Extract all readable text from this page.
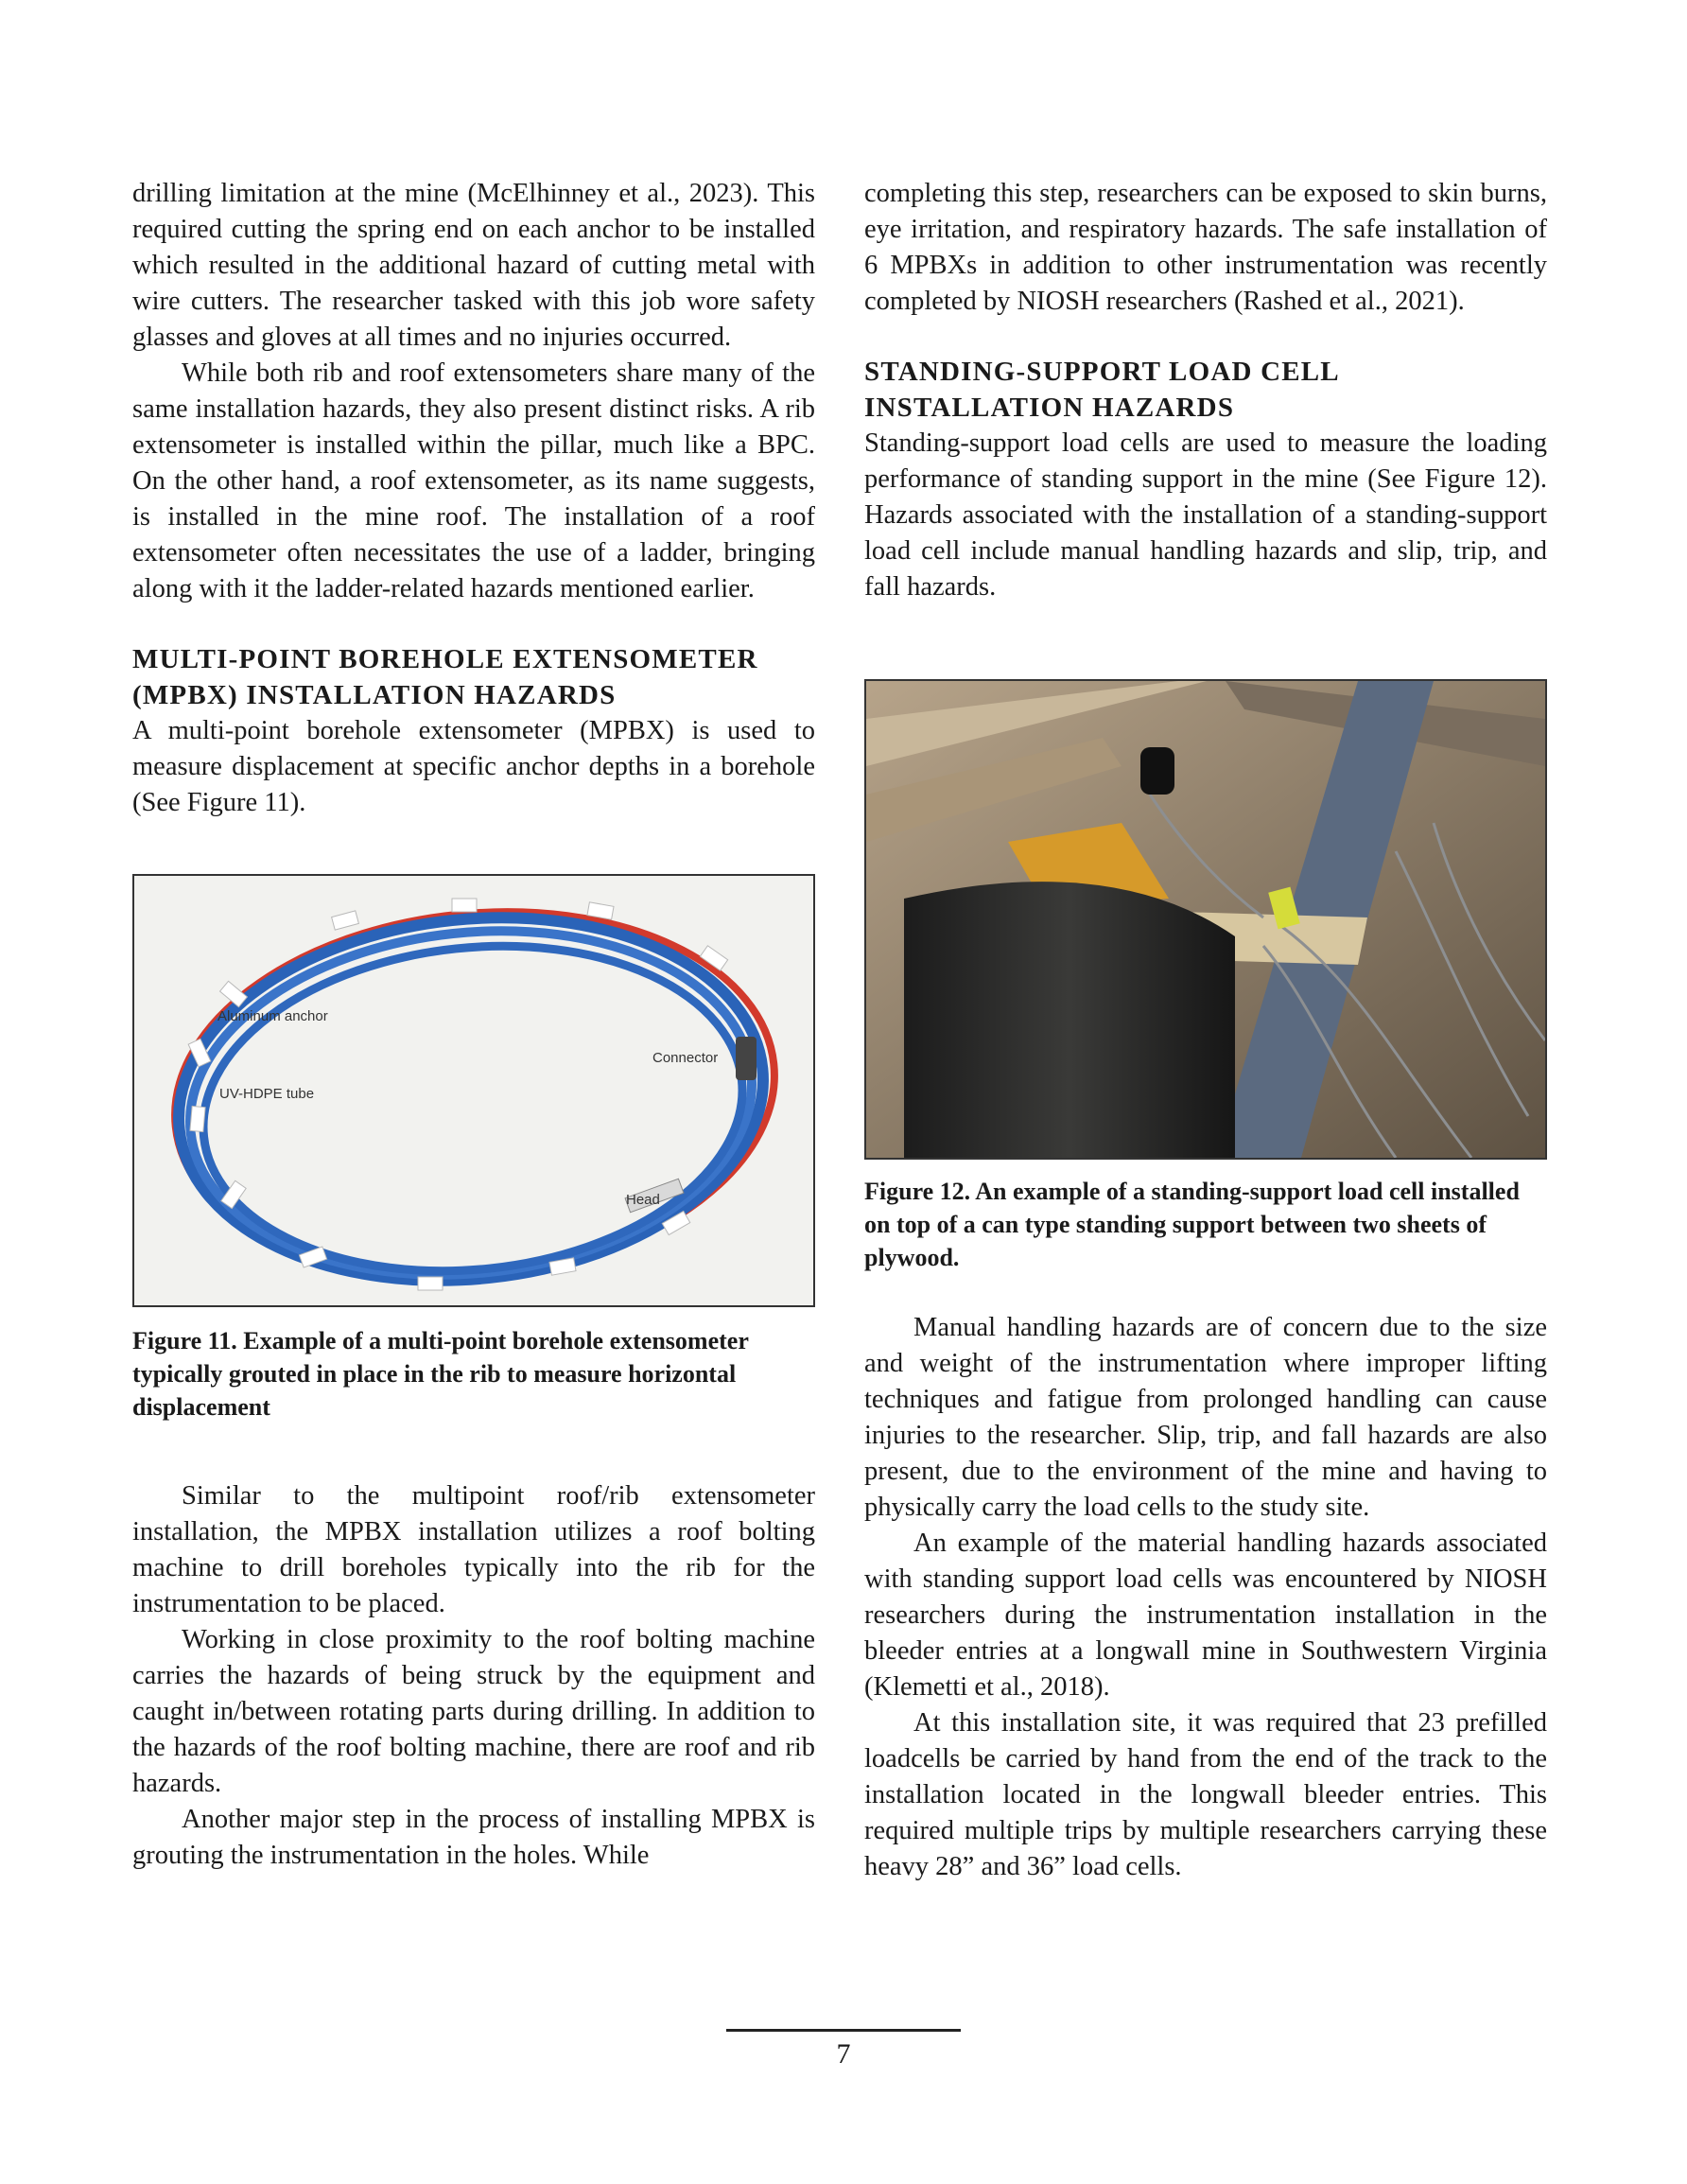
drilling limitation at the mine (McElhinney et al., 2023). This required cutting the spring end on each anchor to be installed which resulted in the additional hazard of cutting metal with wire cutters. The researcher tasked with this job wore safety glasses and gloves at all times and no injuries occurred.

While both rib and roof extensometers share many of the same installation hazards, they also present distinct risks. A rib extensometer is installed within the pillar, much like a BPC. On the other hand, a roof extensometer, as its name suggests, is installed in the mine roof. The installation of a roof extensometer often necessitates the use of a ladder, bringing along with it the ladder-related hazards mentioned earlier.

MULTI-POINT BOREHOLE EXTENSOMETER
(MPBX) INSTALLATION HAZARDS

A multi-point borehole extensometer (MPBX) is used to measure displacement at specific anchor depths in a borehole (See Figure 11).

Aluminum anchor
UV-HDPE tube
Connector
Head

Figure 11. Example of a multi-point borehole extensometer typically grouted in place in the rib to measure horizontal displacement

Similar to the multipoint roof/rib extensometer installation, the MPBX installation utilizes a roof bolting machine to drill boreholes typically into the rib for the instrumentation to be placed.

Working in close proximity to the roof bolting machine carries the hazards of being struck by the equipment and caught in/between rotating parts during drilling. In addition to the hazards of the roof bolting machine, there are roof and rib hazards.

Another major step in the process of installing MPBX is grouting the instrumentation in the holes. While

completing this step, researchers can be exposed to skin burns, eye irritation, and respiratory hazards. The safe installation of 6 MPBXs in addition to other instrumentation was recently completed by NIOSH researchers (Rashed et al., 2021).

STANDING-SUPPORT LOAD CELL
INSTALLATION HAZARDS

Standing-support load cells are used to measure the loading performance of standing support in the mine (See Figure 12). Hazards associated with the installation of a standing-support load cell include manual handling hazards and slip, trip, and fall hazards.

Figure 12. An example of a standing-support load cell installed on top of a can type standing support between two sheets of plywood.

Manual handling hazards are of concern due to the size and weight of the instrumentation where improper lifting techniques and fatigue from prolonged handling can cause injuries to the researcher. Slip, trip, and fall hazards are also present, due to the environment of the mine and having to physically carry the load cells to the study site.

An example of the material handling hazards associated with standing support load cells was encountered by NIOSH researchers during the instrumentation installation in the bleeder entries at a longwall mine in Southwestern Virginia (Klemetti et al., 2018).

At this installation site, it was required that 23 prefilled loadcells be carried by hand from the end of the track to the installation located in the longwall bleeder entries. This required multiple trips by multiple researchers carrying these heavy 28” and 36” load cells.

7
